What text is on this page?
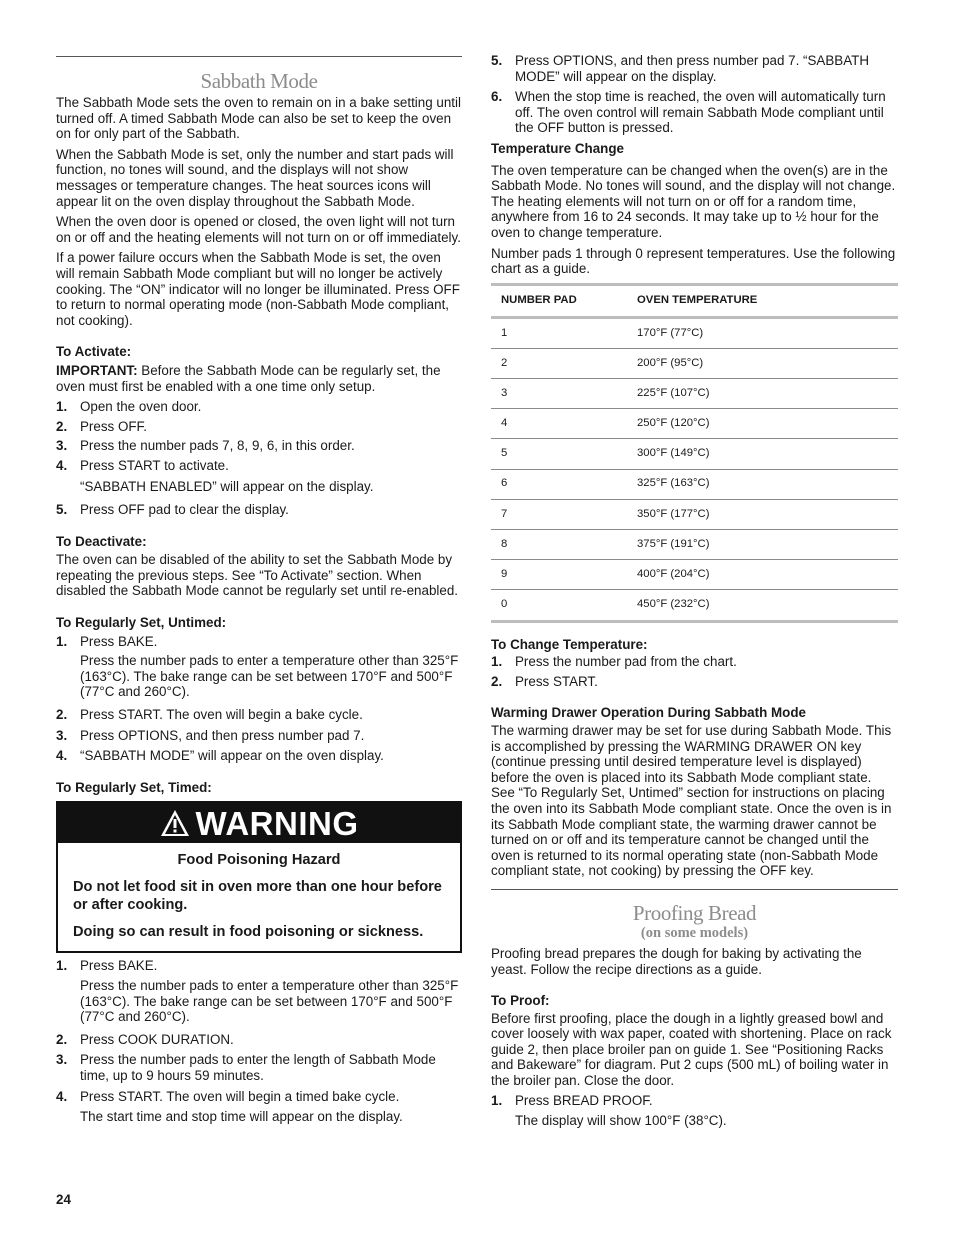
Sabbath Mode

The Sabbath Mode sets the oven to remain on in a bake setting until turned off. A timed Sabbath Mode can also be set to keep the oven on for only part of the Sabbath.

When the Sabbath Mode is set, only the number and start pads will function, no tones will sound, and the displays will not show messages or temperature changes. The heat sources icons will appear lit on the oven display throughout the Sabbath Mode.

When the oven door is opened or closed, the oven light will not turn on or off and the heating elements will not turn on or off immediately.

If a power failure occurs when the Sabbath Mode is set, the oven will remain Sabbath Mode compliant but will no longer be actively cooking. The “ON” indicator will no longer be illuminated. Press OFF to return to normal operating mode (non-Sabbath Mode compliant, not cooking).

To Activate:

IMPORTANT: Before the Sabbath Mode can be regularly set, the oven must first be enabled with a one time only setup.

1. Open the oven door.
2. Press OFF.
3. Press the number pads 7, 8, 9, 6, in this order.
4. Press START to activate.

“SABBATH ENABLED” will appear on the display.

5. Press OFF pad to clear the display.
To Deactivate:

The oven can be disabled of the ability to set the Sabbath Mode by repeating the previous steps. See “To Activate” section. When disabled the Sabbath Mode cannot be regularly set until re-enabled.

To Regularly Set, Untimed:
1. Press BAKE.

Press the number pads to enter a temperature other than 325°F (163°C). The bake range can be set between 170°F and 500°F (77°C and 260°C).

2. Press START. The oven will begin a bake cycle.
3. Press OPTIONS, and then press number pad 7.
4. “SABBATH MODE” will appear on the oven display.
To Regularly Set, Timed:
WARNING

Food Poisoning Hazard

Do not let food sit in oven more than one hour before or after cooking.

Doing so can result in food poisoning or sickness.

1. Press BAKE.

Press the number pads to enter a temperature other than 325°F (163°C). The bake range can be set between 170°F and 500°F (77°C and 260°C).

2. Press COOK DURATION.
3. Press the number pads to enter the length of Sabbath Mode time, up to 9 hours 59 minutes.
4. Press START. The oven will begin a timed bake cycle.

The start time and stop time will appear on the display.

5. Press OPTIONS, and then press number pad 7. “SABBATH MODE” will appear on the display.
6. When the stop time is reached, the oven will automatically turn off. The oven control will remain Sabbath Mode compliant until the OFF button is pressed.
Temperature Change

The oven temperature can be changed when the oven(s) are in the Sabbath Mode. No tones will sound, and the display will not change. The heating elements will not turn on or off for a random time, anywhere from 16 to 24 seconds. It may take up to ½ hour for the oven to change temperature.

Number pads 1 through 0 represent temperatures. Use the following chart as a guide.

NUMBER PAD	OVEN TEMPERATURE
1	170°F (77°C)
2	200°F (95°C)
3	225°F (107°C)
4	250°F (120°C)
5	300°F (149°C)
6	325°F (163°C)
7	350°F (177°C)
8	375°F (191°C)
9	400°F (204°C)
0	450°F (232°C)
To Change Temperature:
1. Press the number pad from the chart.
2. Press START.
Warming Drawer Operation During Sabbath Mode

The warming drawer may be set for use during Sabbath Mode. This is accomplished by pressing the WARMING DRAWER ON key (continue pressing until desired temperature level is displayed) before the oven is placed into its Sabbath Mode compliant state. See “To Regularly Set, Untimed” section for instructions on placing the oven into its Sabbath Mode compliant state. Once the oven is in its Sabbath Mode compliant state, the warming drawer cannot be turned on or off and its temperature cannot be changed until the oven is returned to its normal operating state (non-Sabbath Mode compliant state, not cooking) by pressing the OFF key.

Proofing Bread
(on some models)

Proofing bread prepares the dough for baking by activating the yeast. Follow the recipe directions as a guide.

To Proof:

Before first proofing, place the dough in a lightly greased bowl and cover loosely with wax paper, coated with shortening. Place on rack guide 2, then place broiler pan on guide 1. See “Positioning Racks and Bakeware” for diagram. Put 2 cups (500 mL) of boiling water in the broiler pan. Close the door.

1. Press BREAD PROOF.

The display will show 100°F (38°C).

24
